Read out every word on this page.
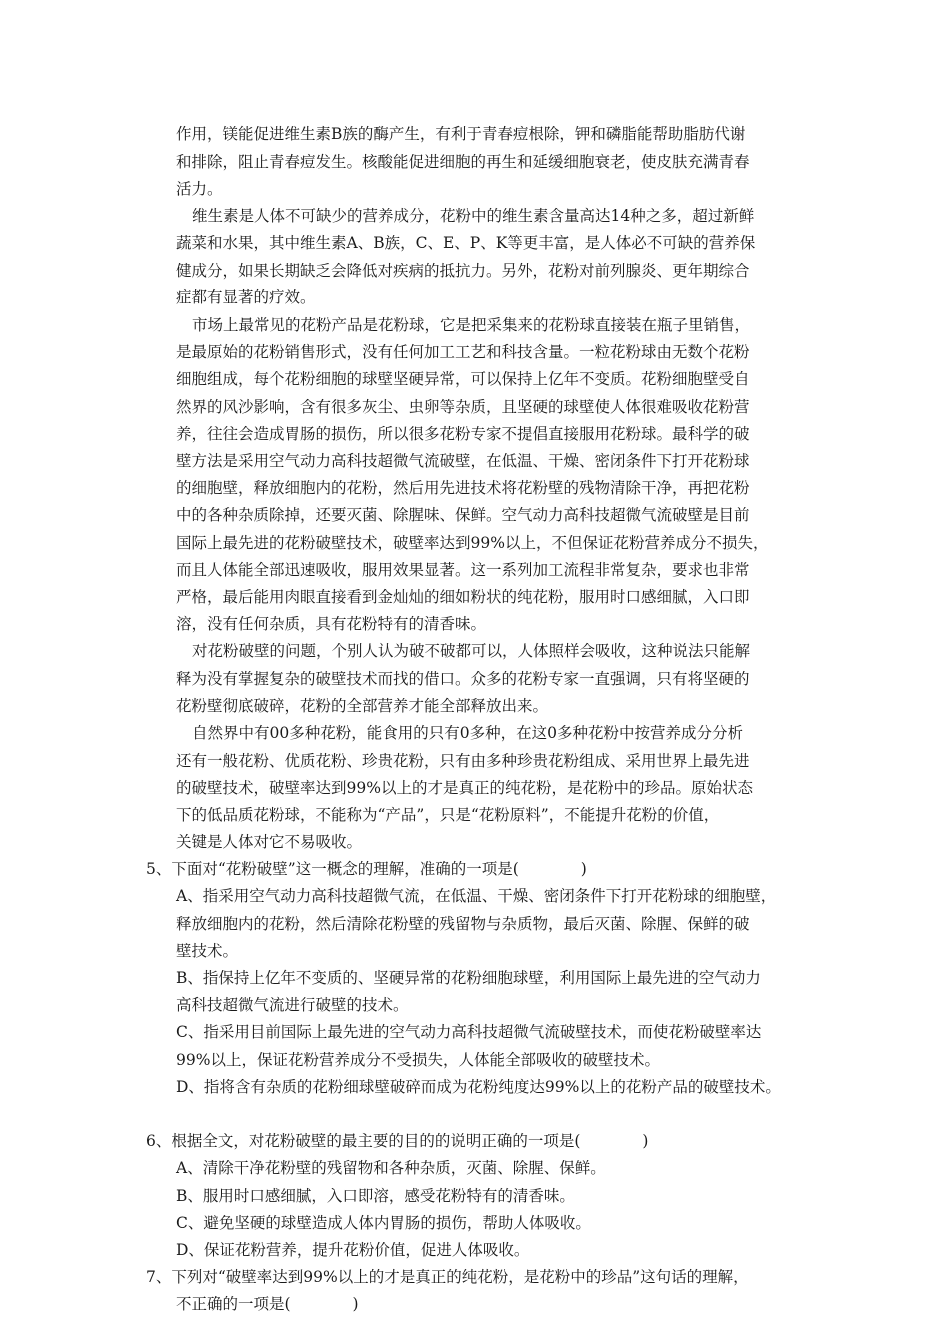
作用，镁能促进维生素B族的酶产生，有利于青春痘根除，钾和磷脂能帮助脂肪代谢
和排除，阻止青春痘发生。核酸能促进细胞的再生和延缓细胞衰老，使皮肤充满青春
活力。
维生素是人体不可缺少的营养成分，花粉中的维生素含量高达14种之多，超过新鲜
蔬菜和水果，其中维生素A、B族，C、E、P、K等更丰富，是人体必不可缺的营养保
健成分，如果长期缺乏会降低对疾病的抵抗力。另外，花粉对前列腺炎、更年期综合
症都有显著的疗效。
市场上最常见的花粉产品是花粉球，它是把采集来的花粉球直接装在瓶子里销售，
是最原始的花粉销售形式，没有任何加工工艺和科技含量。一粒花粉球由无数个花粉
细胞组成，每个花粉细胞的球壁坚硬异常，可以保持上亿年不变质。花粉细胞壁受自
然界的风沙影响，含有很多灰尘、虫卵等杂质，且坚硬的球壁使人体很难吸收花粉营
养，往往会造成胃肠的损伤，所以很多花粉专家不提倡直接服用花粉球。最科学的破
壁方法是采用空气动力高科技超微气流破壁，在低温、干燥、密闭条件下打开花粉球
的细胞壁，释放细胞内的花粉，然后用先进技术将花粉壁的残物清除干净，再把花粉
中的各种杂质除掉，还要灭菌、除腥味、保鲜。空气动力高科技超微气流破壁是目前
国际上最先进的花粉破壁技术，破壁率达到99%以上，不但保证花粉营养成分不损失，
而且人体能全部迅速吸收，服用效果显著。这一系列加工流程非常复杂，要求也非常
严格，最后能用肉眼直接看到金灿灿的细如粉状的纯花粉，服用时口感细腻，入口即
溶，没有任何杂质，具有花粉特有的清香味。
对花粉破壁的问题，个别人认为破不破都可以，人体照样会吸收，这种说法只能解
释为没有掌握复杂的破壁技术而找的借口。众多的花粉专家一直强调，只有将坚硬的
花粉壁彻底破碎，花粉的全部营养才能全部释放出来。
自然界中有00多种花粉，能食用的只有0多种，在这0多种花粉中按营养成分分析
还有一般花粉、优质花粉、珍贵花粉，只有由多种珍贵花粉组成、采用世界上最先进
的破壁技术，破壁率达到99%以上的才是真正的纯花粉，是花粉中的珍品。原始状态
下的低品质花粉球，不能称为“产品”，只是“花粉原料”，不能提升花粉的价值，
关键是人体对它不易吸收。
5、下面对“花粉破壁”这一概念的理解，准确的一项是(　　　　)
A、指采用空气动力高科技超微气流，在低温、干燥、密闭条件下打开花粉球的细胞壁，
释放细胞内的花粉，然后清除花粉壁的残留物与杂质物，最后灭菌、除腥、保鲜的破
壁技术。
B、指保持上亿年不变质的、坚硬异常的花粉细胞球壁，利用国际上最先进的空气动力
高科技超微气流进行破壁的技术。
C、指采用目前国际上最先进的空气动力高科技超微气流破壁技术，而使花粉破壁率达
99%以上，保证花粉营养成分不受损失，人体能全部吸收的破壁技术。
D、指将含有杂质的花粉细球壁破碎而成为花粉纯度达99%以上的花粉产品的破壁技术。
6、根据全文，对花粉破壁的最主要的目的的说明正确的一项是(　　　　)
A、清除干净花粉壁的残留物和各种杂质，灭菌、除腥、保鲜。
B、服用时口感细腻，入口即溶，感受花粉特有的清香味。
C、避免坚硬的球壁造成人体内胃肠的损伤，帮助人体吸收。
D、保证花粉营养，提升花粉价值，促进人体吸收。
7、下列对“破壁率达到99%以上的才是真正的纯花粉，是花粉中的珍品”这句话的理解，
不正确的一项是(　　　　)
